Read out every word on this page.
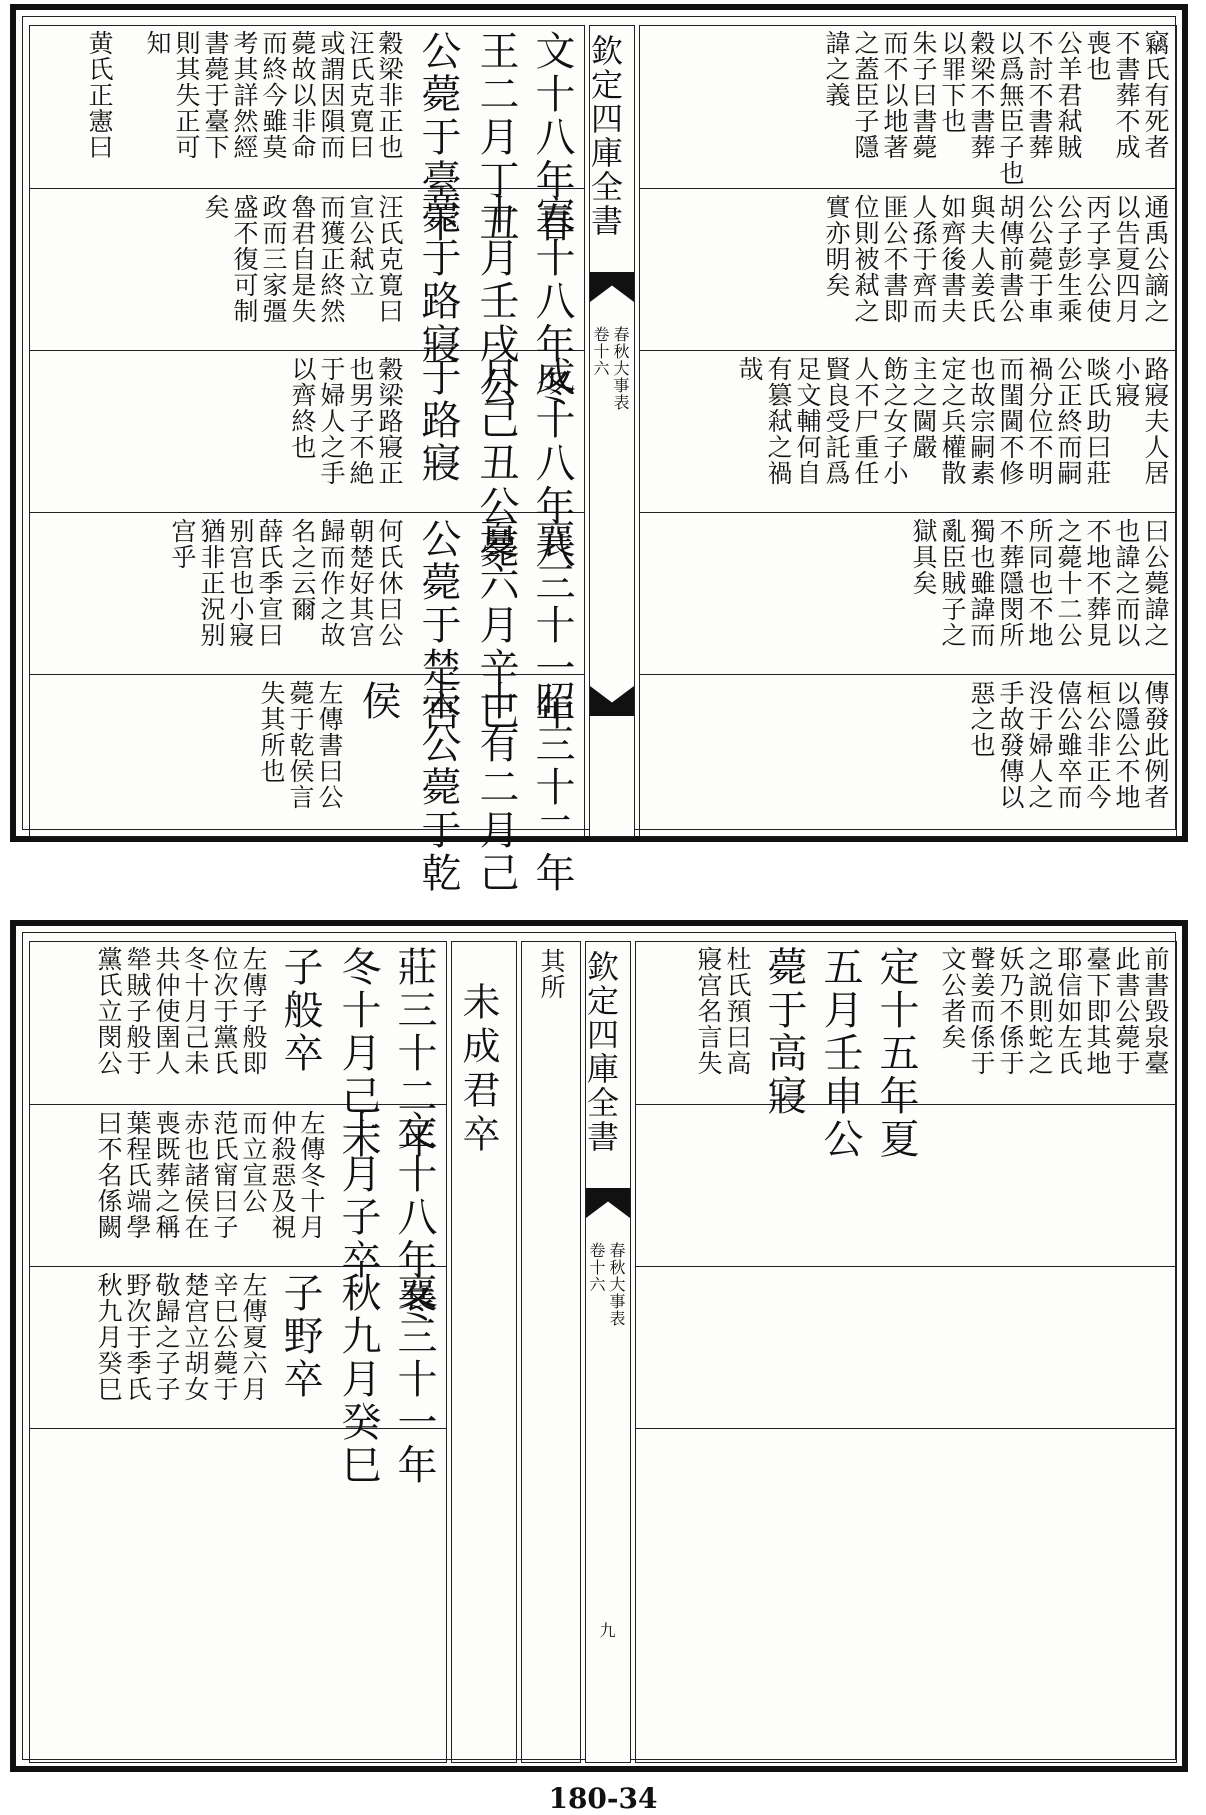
文十八年春
王二月丁丑
公薨于臺下
穀梁非正也
汪氏克寛曰
或謂因隕而
薨故以非命
而終今雖莫
考其詳然經
書薨于臺下
則其失正可
知
黄氏正憲曰
宣十八年冬
十月壬戌公
薨于路寢
汪氏克寛曰
宣公弒立
而獲正終然
魯君自是失
政而三家彊
盛不復可制
矣
成十八年八
月己丑公薨
于路寢
穀梁路寢正
也男子不絶
于婦人之手
以齊終也
襄三十一年
夏六月辛巳
公薨于楚宫
何氏休曰公
朝楚好其宫
歸而作之故
名之云爾
薛氏季宣曰
别宫也小寢
猶非正況别
宫乎
昭三十二年
十有二月己
未公薨于乾
侯
左傳書曰公
薨于乾侯言
失其所也
欽定四庫全書
春秋大事表
卷十六
竊氏有死者
不書葬不成
喪也
公羊君弒賊
不討不書葬
以爲無臣子也
穀梁不書葬
以罪下也
朱子曰書薨
而不以地著
之蓋臣子隱
諱之義
通禹公謫之
以告夏四月
丙子享公使
公子彭生乘
公公薨于車
胡傳前書公
與夫人姜氏
如齊後書夫
人孫于齊而
匪公不書即
位則被弒之
實亦明矣
路寢夫人居
小寢
啖氏助曰莊
公正終而嗣
禍分位不明
而閨閫不修
也故宗嗣素
定之兵權散
主之閫嚴
飭之女子小
人不尸重任
賢良受託爲
足文輔何自
有篡弒之禍
哉
曰公薨諱之
也諱之而以
不地不葬見
之薨十二公
所同也不地
不葬隱閔所
獨也雖諱而
亂臣賊子之
獄具矣
傳發此例者
以隱公不地
桓公非正今
僖公雖卒而
没于婦人之
手故發傳以
惡之也
莊三十二年
冬十月己未
子般卒
左傳子般即
位次于黨氏
冬十月己未
共仲使圉人
犖賊子般于
黨氏立閔公
文十八年冬
十月子卒
左傳冬十月
仲殺惡及視
而立宣公
范氏甯曰子
赤也諸侯在
喪既葬之稱
葉程氏端學
曰不名係闕
襄三十一年
秋九月癸巳
子野卒
左傳夏六月
辛巳公薨于
楚宫立胡女
敬歸之子子
野次于季氏
秋九月癸巳
未成君卒
其所 欽定四庫全書
春秋大事表
卷十六
九
前書毀泉臺
此書公薨于
臺下即其地
耶信如左氏
之説則蛇之
妖乃不係于
聲姜而係于
文公者矣
定十五年夏
五月壬申公
薨于高寢
杜氏預曰高
寢宫名言失
180-34
